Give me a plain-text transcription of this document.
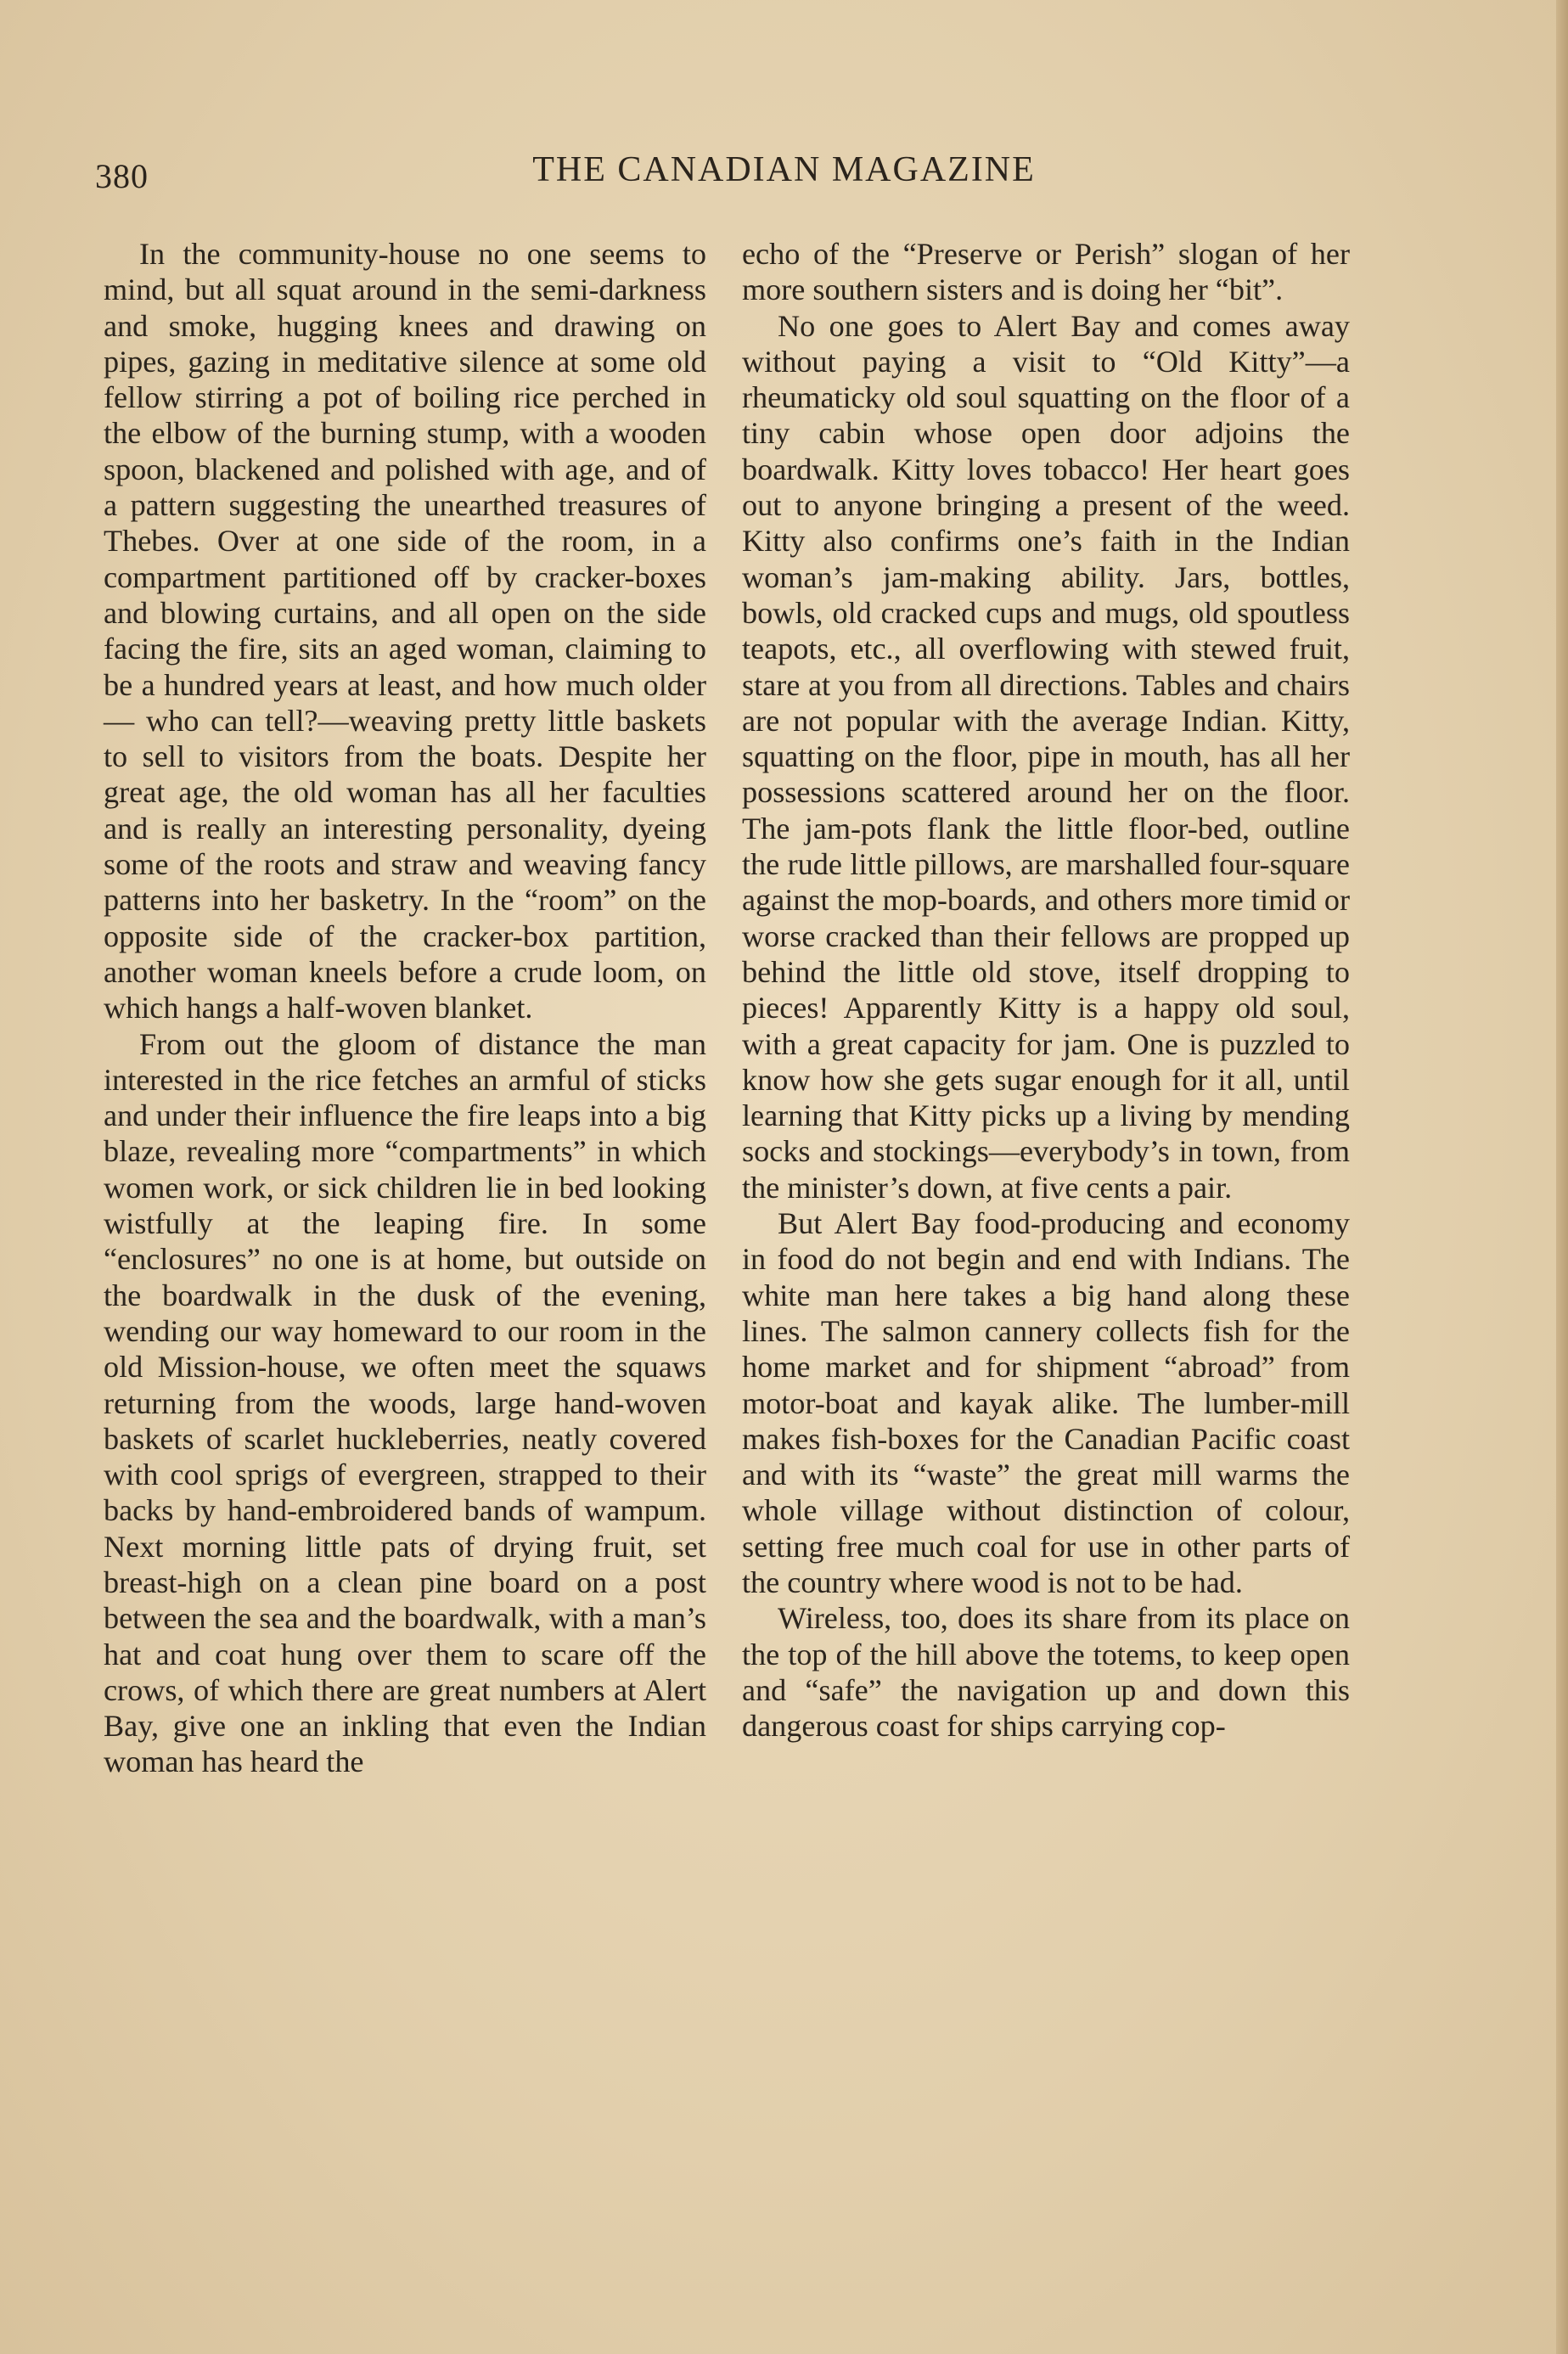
380	THE CANADIAN MAGAZINE

In the community-house no one seems to mind, but all squat around in the semi-darkness and smoke, hugging knees and drawing on pipes, gazing in meditative silence at some old fellow stirring a pot of boiling rice perched in the elbow of the burning stump, with a wooden spoon, blackened and polished with age, and of a pattern suggesting the unearthed treasures of Thebes. Over at one side of the room, in a compartment partitioned off by cracker-boxes and blowing curtains, and all open on the side facing the fire, sits an aged woman, claiming to be a hundred years at least, and how much older— who can tell?—weaving pretty little baskets to sell to visitors from the boats. Despite her great age, the old woman has all her faculties and is really an interesting personality, dyeing some of the roots and straw and weaving fancy patterns into her basketry. In the “room” on the opposite side of the cracker-box partition, another woman kneels before a crude loom, on which hangs a half-woven blanket.

From out the gloom of distance the man interested in the rice fetches an armful of sticks and under their influence the fire leaps into a big blaze, revealing more “compartments” in which women work, or sick children lie in bed looking wistfully at the leaping fire. In some “enclosures” no one is at home, but outside on the boardwalk in the dusk of the evening, wending our way homeward to our room in the old Mission-house, we often meet the squaws returning from the woods, large hand-woven baskets of scarlet huckleberries, neatly covered with cool sprigs of evergreen, strapped to their backs by hand-embroidered bands of wampum. Next morning little pats of drying fruit, set breast-high on a clean pine board on a post between the sea and the boardwalk, with a man’s hat and coat hung over them to scare off the crows, of which there are great numbers at Alert Bay, give one an inkling that even the Indian woman has heard the

echo of the “Preserve or Perish” slogan of her more southern sisters and is doing her “bit”.

No one goes to Alert Bay and comes away without paying a visit to “Old Kitty”—a rheumaticky old soul squatting on the floor of a tiny cabin whose open door adjoins the boardwalk. Kitty loves tobacco! Her heart goes out to anyone bringing a present of the weed. Kitty also confirms one’s faith in the Indian woman’s jam-making ability. Jars, bottles, bowls, old cracked cups and mugs, old spoutless teapots, etc., all overflowing with stewed fruit, stare at you from all directions. Tables and chairs are not popular with the average Indian. Kitty, squatting on the floor, pipe in mouth, has all her possessions scattered around her on the floor. The jam-pots flank the little floor-bed, outline the rude little pillows, are marshalled four-square against the mop-boards, and others more timid or worse cracked than their fellows are propped up behind the little old stove, itself dropping to pieces! Apparently Kitty is a happy old soul, with a great capacity for jam. One is puzzled to know how she gets sugar enough for it all, until learning that Kitty picks up a living by mending socks and stockings—everybody’s in town, from the minister’s down, at five cents a pair.

But Alert Bay food-producing and economy in food do not begin and end with Indians. The white man here takes a big hand along these lines. The salmon cannery collects fish for the home market and for shipment “abroad” from motor-boat and kayak alike. The lumber-mill makes fish-boxes for the Canadian Pacific coast and with its “waste” the great mill warms the whole village without distinction of colour, setting free much coal for use in other parts of the country where wood is not to be had.

Wireless, too, does its share from its place on the top of the hill above the totems, to keep open and “safe” the navigation up and down this dangerous coast for ships carrying cop-
